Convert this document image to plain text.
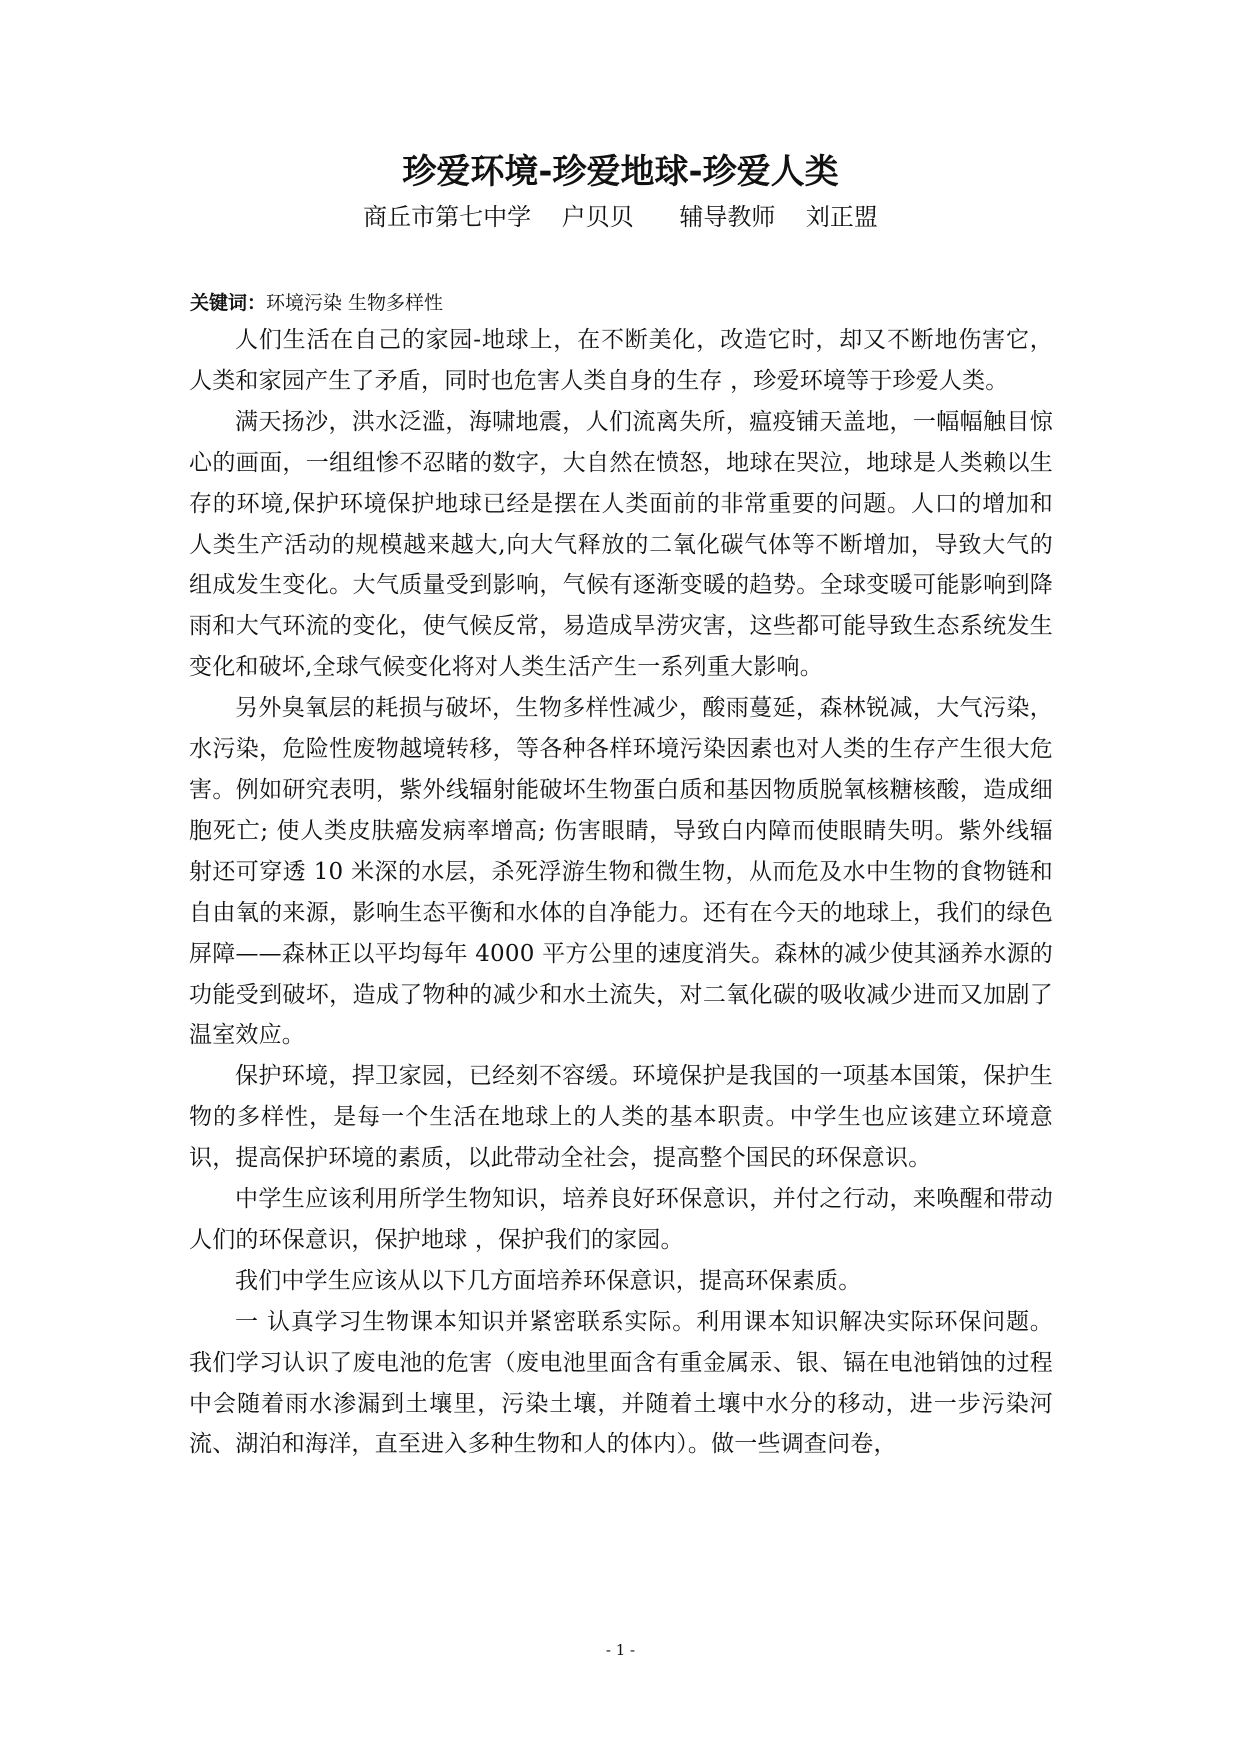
珍爱环境-珍爱地球-珍爱人类
商丘市第七中学    户贝贝      辅导教师    刘正盟
关键词：环境污染 生物多样性

人们生活在自己的家园-地球上，在不断美化，改造它时，却又不断地伤害它，人类和家园产生了矛盾，同时也危害人类自身的生存 ，珍爱环境等于珍爱人类。

满天扬沙，洪水泛滥，海啸地震，人们流离失所，瘟疫铺天盖地，一幅幅触目惊心的画面，一组组惨不忍睹的数字，大自然在愤怒，地球在哭泣，地球是人类赖以生存的环境,保护环境保护地球已经是摆在人类面前的非常重要的问题。人口的增加和人类生产活动的规模越来越大,向大气释放的二氧化碳气体等不断增加，导致大气的组成发生变化。大气质量受到影响，气候有逐渐变暖的趋势。全球变暖可能影响到降雨和大气环流的变化，使气候反常，易造成旱涝灾害，这些都可能导致生态系统发生变化和破坏,全球气候变化将对人类生活产生一系列重大影响。

另外臭氧层的耗损与破坏，生物多样性减少，酸雨蔓延，森林锐减，大气污染，水污染，危险性废物越境转移，等各种各样环境污染因素也对人类的生存产生很大危害。例如研究表明，紫外线辐射能破坏生物蛋白质和基因物质脱氧核糖核酸，造成细胞死亡; 使人类皮肤癌发病率增高; 伤害眼睛，导致白内障而使眼睛失明。紫外线辐射还可穿透 10 米深的水层，杀死浮游生物和微生物，从而危及水中生物的食物链和自由氧的来源，影响生态平衡和水体的自净能力。还有在今天的地球上，我们的绿色屏障——森林正以平均每年 4000 平方公里的速度消失。森林的减少使其涵养水源的功能受到破坏，造成了物种的减少和水土流失，对二氧化碳的吸收减少进而又加剧了温室效应。

保护环境，捍卫家园，已经刻不容缓。环境保护是我国的一项基本国策，保护生物的多样性，是每一个生活在地球上的人类的基本职责。中学生也应该建立环境意识，提高保护环境的素质，以此带动全社会，提高整个国民的环保意识。

中学生应该利用所学生物知识，培养良好环保意识，并付之行动，来唤醒和带动人们的环保意识，保护地球 ，保护我们的家园。

我们中学生应该从以下几方面培养环保意识，提高环保素质。

一 认真学习生物课本知识并紧密联系实际。利用课本知识解决实际环保问题。我们学习认识了废电池的危害（废电池里面含有重金属汞、银、镉在电池销蚀的过程中会随着雨水渗漏到土壤里，污染土壤，并随着土壤中水分的移动，进一步污染河流、湖泊和海洋，直至进入多种生物和人的体内）。做一些调查问卷，

- 1 -
